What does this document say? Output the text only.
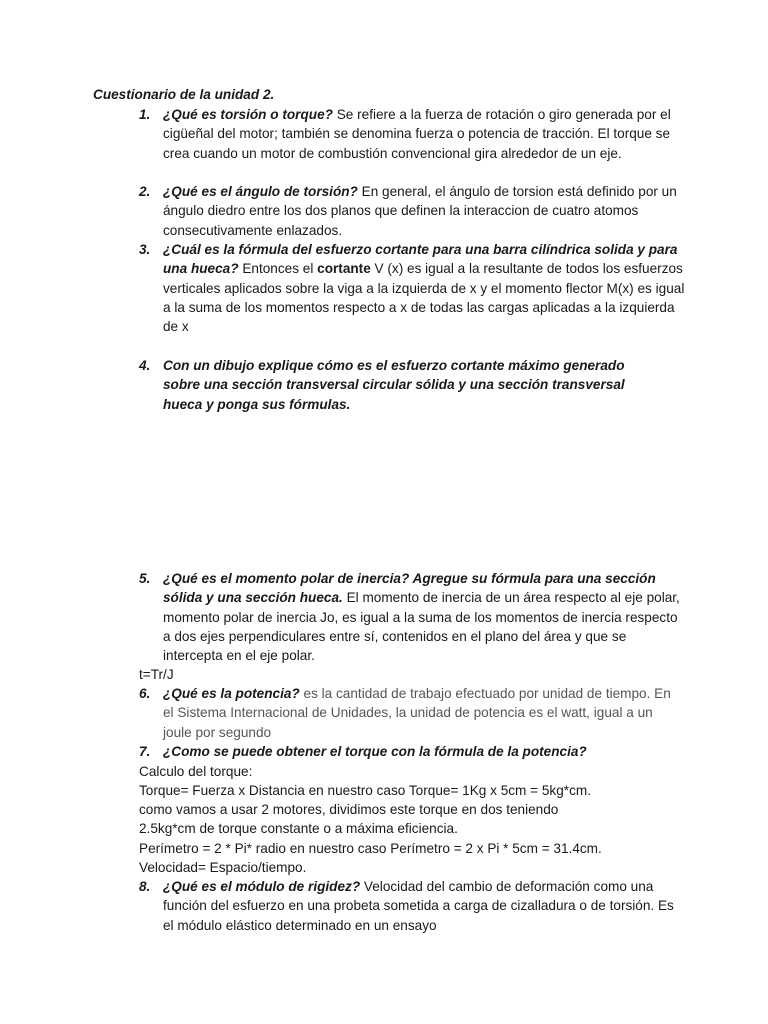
Cuestionario de la unidad 2.
1. ¿Qué es torsión o torque? Se refiere a la fuerza de rotación o giro generada por el cigüeñal del motor; también se denomina fuerza o potencia de tracción. El torque se crea cuando un motor de combustión convencional gira alrededor de un eje.
2. ¿Qué es el ángulo de torsión? En general, el ángulo de torsion está definido por un ángulo diedro entre los dos planos que definen la interaccion de cuatro atomos consecutivamente enlazados.
3. ¿Cuál es la fórmula del esfuerzo cortante para una barra cilíndrica solida y para una hueca? Entonces el cortante V (x) es igual a la resultante de todos los esfuerzos verticales aplicados sobre la viga a la izquierda de x y el momento flector M(x) es igual a la suma de los momentos respecto a x de todas las cargas aplicadas a la izquierda de x
4. Con un dibujo explique cómo es el esfuerzo cortante máximo generado sobre una sección transversal circular sólida y una sección transversal hueca y ponga sus fórmulas.
5. ¿Qué es el momento polar de inercia? Agregue su fórmula para una sección sólida y una sección hueca. El momento de inercia de un área respecto al eje polar, momento polar de inercia Jo, es igual a la suma de los momentos de inercia respecto a dos ejes perpendiculares entre sí, contenidos en el plano del área y que se intercepta en el eje polar.
t=Tr/J
6. ¿Qué es la potencia? es la cantidad de trabajo efectuado por unidad de tiempo. En el Sistema Internacional de Unidades, la unidad de potencia es el watt, igual a un joule por segundo
7. ¿Como se puede obtener el torque con la fórmula de la potencia?
Calculo del torque:
Torque= Fuerza x Distancia en nuestro caso Torque= 1Kg x 5cm = 5kg*cm.
como vamos a usar 2 motores, dividimos este torque en dos teniendo
2.5kg*cm de torque constante o a máxima eficiencia.
Perímetro = 2 * Pi* radio en nuestro caso Perímetro = 2 x Pi * 5cm = 31.4cm.
Velocidad= Espacio/tiempo.
8. ¿Qué es el módulo de rigidez? Velocidad del cambio de deformación como una función del esfuerzo en una probeta sometida a carga de cizalladura o de torsión. Es el módulo elástico determinado en un ensayo
